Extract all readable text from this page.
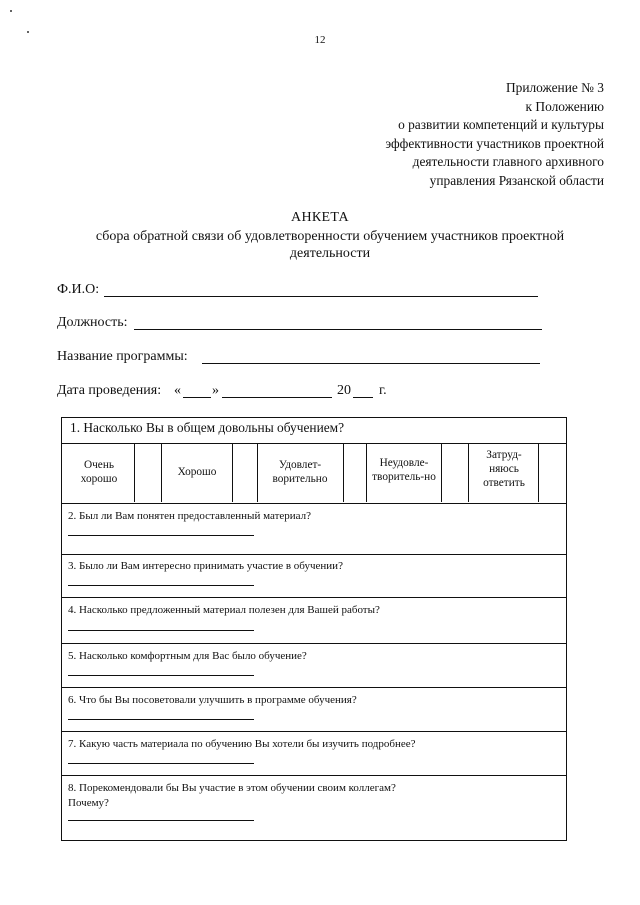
12
Приложение № 3
к Положению
о развитии компетенций и культуры
эффективности участников проектной
деятельности главного архивного
управления Рязанской области
АНКЕТА
сбора обратной связи об удовлетворенности обучением участников проектной деятельности
Ф.И.О:
Должность:
Название программы:
Дата проведения: « »	20 г.
1. Насколько Вы в общем довольны обучением?
Очень хорошо
Хорошо
Удовлет-ворительно
Неудовле-творитель-но
Затруд-няюсь ответить
2. Был ли Вам понятен предоставленный материал?
3. Было ли Вам интересно принимать участие в обучении?
4. Насколько предложенный материал полезен для Вашей работы?
5. Насколько комфортным для Вас было обучение?
6. Что бы Вы посоветовали улучшить в программе обучения?
7. Какую часть материала по обучению Вы хотели бы изучить подробнее?
8. Порекомендовали бы Вы участие в этом обучении своим коллегам?
Почему?
